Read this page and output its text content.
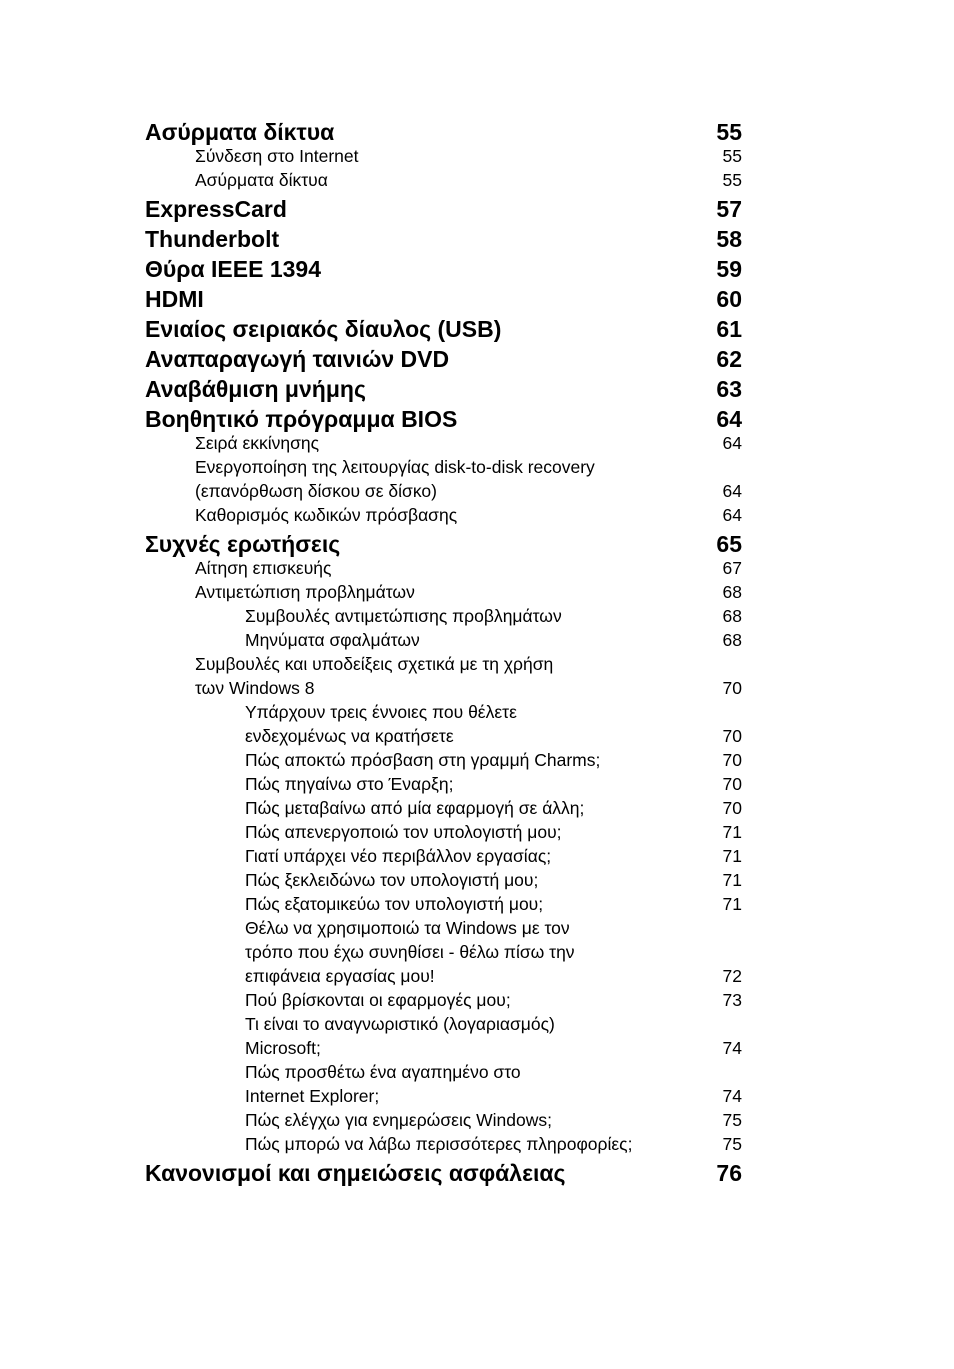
Ασύρματα δίκτυα	55
Σύνδεση στο Internet	55
Ασύρματα δίκτυα	55
ExpressCard	57
Thunderbolt	58
Θύρα IEEE 1394	59
HDMI	60
Ενιαίος σειριακός δίαυλος (USB)	61
Αναπαραγωγή ταινιών DVD	62
Αναβάθμιση μνήμης	63
Βοηθητικό πρόγραμμα BIOS	64
Σειρά εκκίνησης	64
Ενεργοποίηση της λειτουργίας disk-to-disk recovery
(επανόρθωση δίσκου σε δίσκο)	64
Καθορισμός κωδικών πρόσβασης	64
Συχνές ερωτήσεις	65
Αίτηση επισκευής	67
Αντιμετώπιση προβλημάτων	68
Συμβουλές αντιμετώπισης προβλημάτων	68
Μηνύματα σφαλμάτων	68
Συμβουλές και υποδείξεις σχετικά με τη χρήση
των Windows 8	70
Υπάρχουν τρεις έννοιες που θέλετε
ενδεχομένως να κρατήσετε	70
Πώς αποκτώ πρόσβαση στη γραμμή Charms;	70
Πώς πηγαίνω στο Έναρξη;	70
Πώς μεταβαίνω από μία εφαρμογή σε άλλη;	70
Πώς απενεργοποιώ τον υπολογιστή μου;	71
Γιατί υπάρχει νέο περιβάλλον εργασίας;	71
Πώς ξεκλειδώνω τον υπολογιστή μου;	71
Πώς εξατομικεύω τον υπολογιστή μου;	71
Θέλω να χρησιμοποιώ τα Windows με τον
τρόπο που έχω συνηθίσει - θέλω πίσω την
επιφάνεια εργασίας μου!	72
Πού βρίσκονται οι εφαρμογές μου;	73
Τι είναι το αναγνωριστικό (λογαριασμός)
Microsoft;	74
Πώς προσθέτω ένα αγαπημένο στο
Internet Explorer;	74
Πώς ελέγχω για ενημερώσεις Windows;	75
Πώς μπορώ να λάβω περισσότερες πληροφορίες;	75
Κανονισμοί και σημειώσεις ασφάλειας	76
